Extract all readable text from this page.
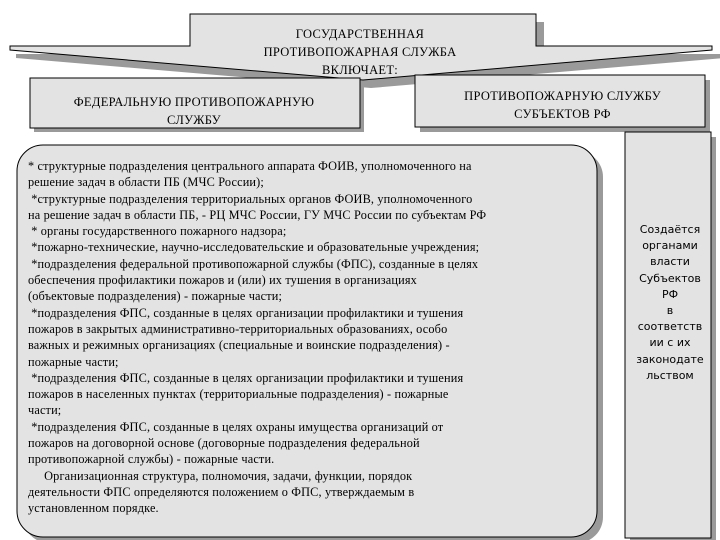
ГОСУДАРСТВЕННАЯ
ПРОТИВОПОЖАРНАЯ СЛУЖБА
ВКЛЮЧАЕТ:
ФЕДЕРАЛЬНУЮ ПРОТИВОПОЖАРНУЮ
СЛУЖБУ
ПРОТИВОПОЖАРНУЮ СЛУЖБУ
СУБЪЕКТОВ РФ

* структурные подразделения центрального аппарата ФОИВ, уполномоченного на

решение задач в области ПБ (МЧС России);

*структурные подразделения территориальных органов ФОИВ, уполномоченного

на решение задач в области ПБ, - РЦ МЧС России, ГУ МЧС России по субъектам РФ

* органы государственного пожарного надзора;

*пожарно-технические, научно-исследовательские и образовательные учреждения;

*подразделения федеральной противопожарной службы (ФПС), созданные в целях

обеспечения профилактики пожаров и (или) их тушения в организациях

(объектовые подразделения) - пожарные части;

*подразделения ФПС, созданные в целях организации профилактики и тушения

пожаров в закрытых административно-территориальных образованиях, особо

важных и режимных организациях (специальные и воинские подразделения) -

пожарные части;

*подразделения ФПС, созданные в целях организации профилактики и тушения

пожаров в населенных пунктах (территориальные подразделения) - пожарные

части;

*подразделения ФПС, созданные в целях охраны имущества организаций от

пожаров на договорной основе (договорные подразделения федеральной

противопожарной службы) - пожарные части.

Организационная структура, полномочия, задачи, функции, порядок

деятельности ФПС определяются положением о ФПС, утверждаемым в

установленном порядке.

Создаётся
органами
власти
Субъектов
РФ
в
соответств
ии с их
законодате
льством
